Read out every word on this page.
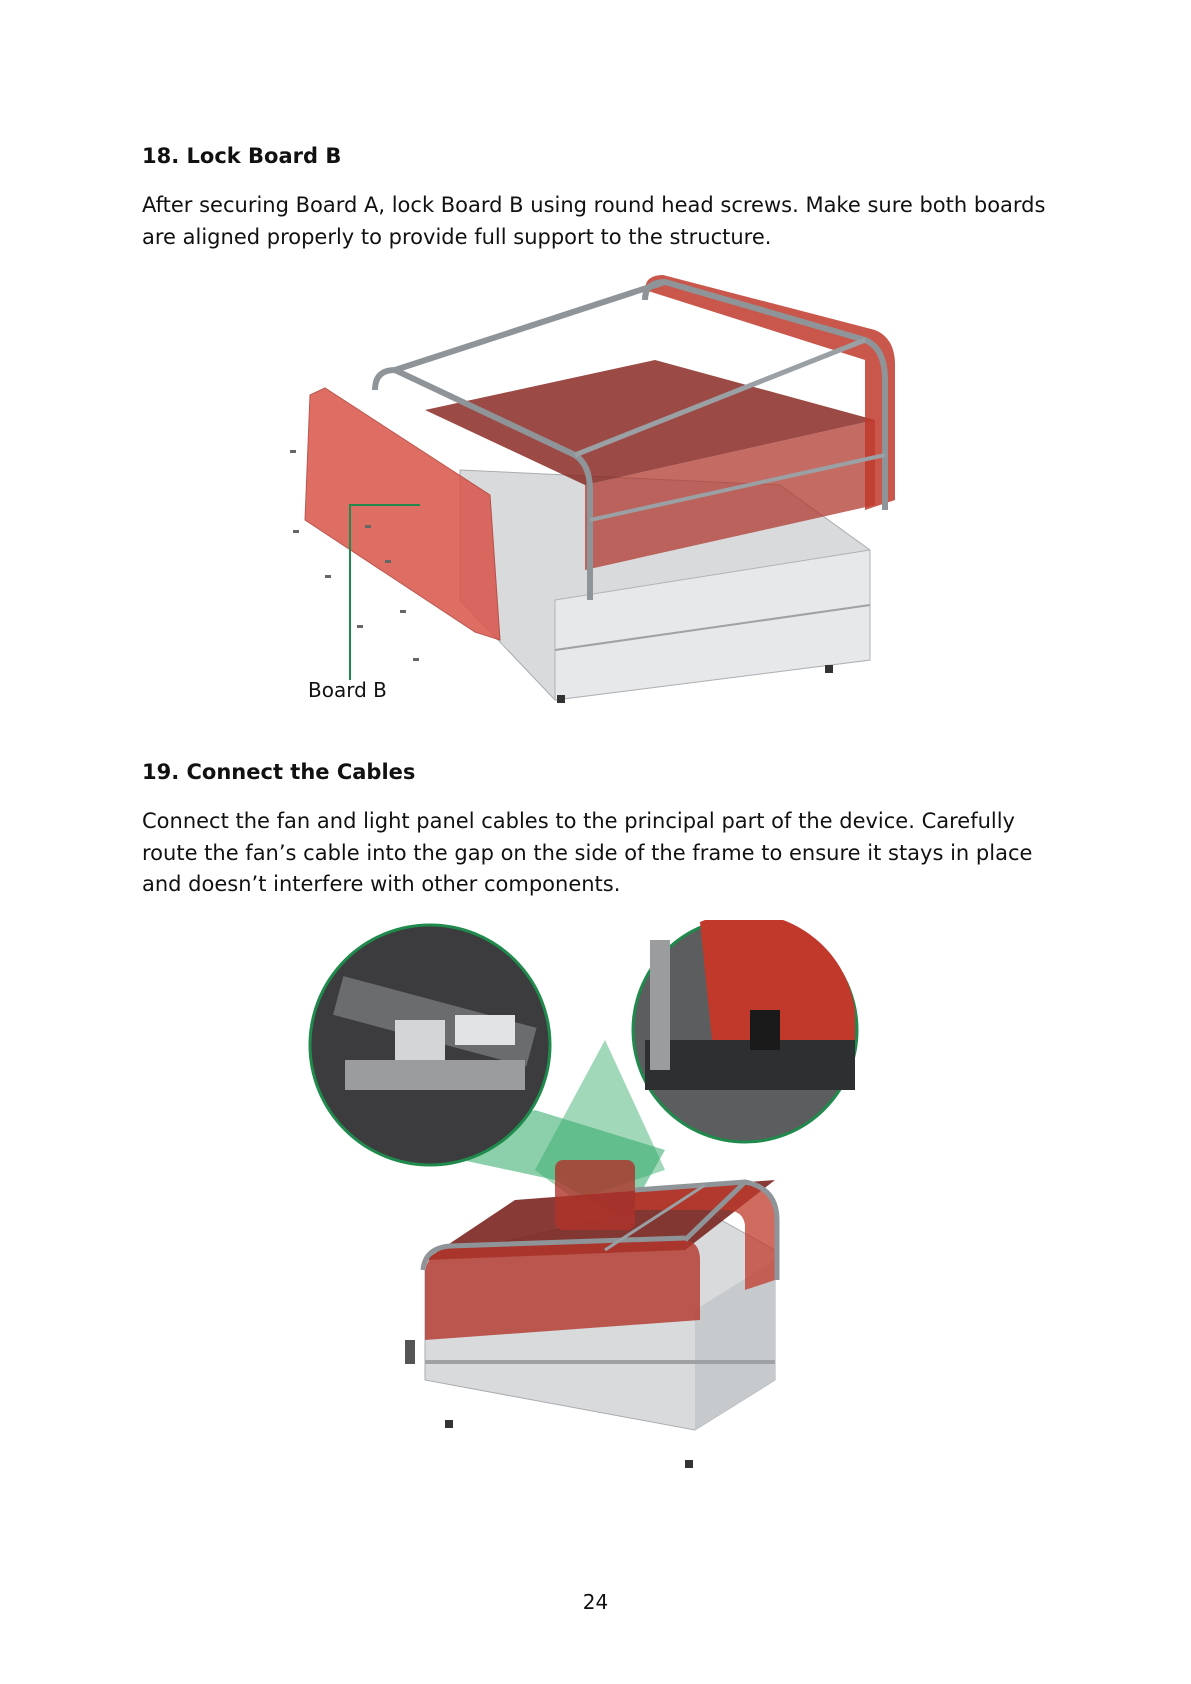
18. Lock Board B

After securing Board A, lock Board B using round head screws. Make sure both boards are aligned properly to provide full support to the structure.

Board B
19. Connect the Cables

Connect the fan and light panel cables to the principal part of the device. Carefully route the fan’s cable into the gap on the side of the frame to ensure it stays in place and doesn’t interfere with other components.

24
